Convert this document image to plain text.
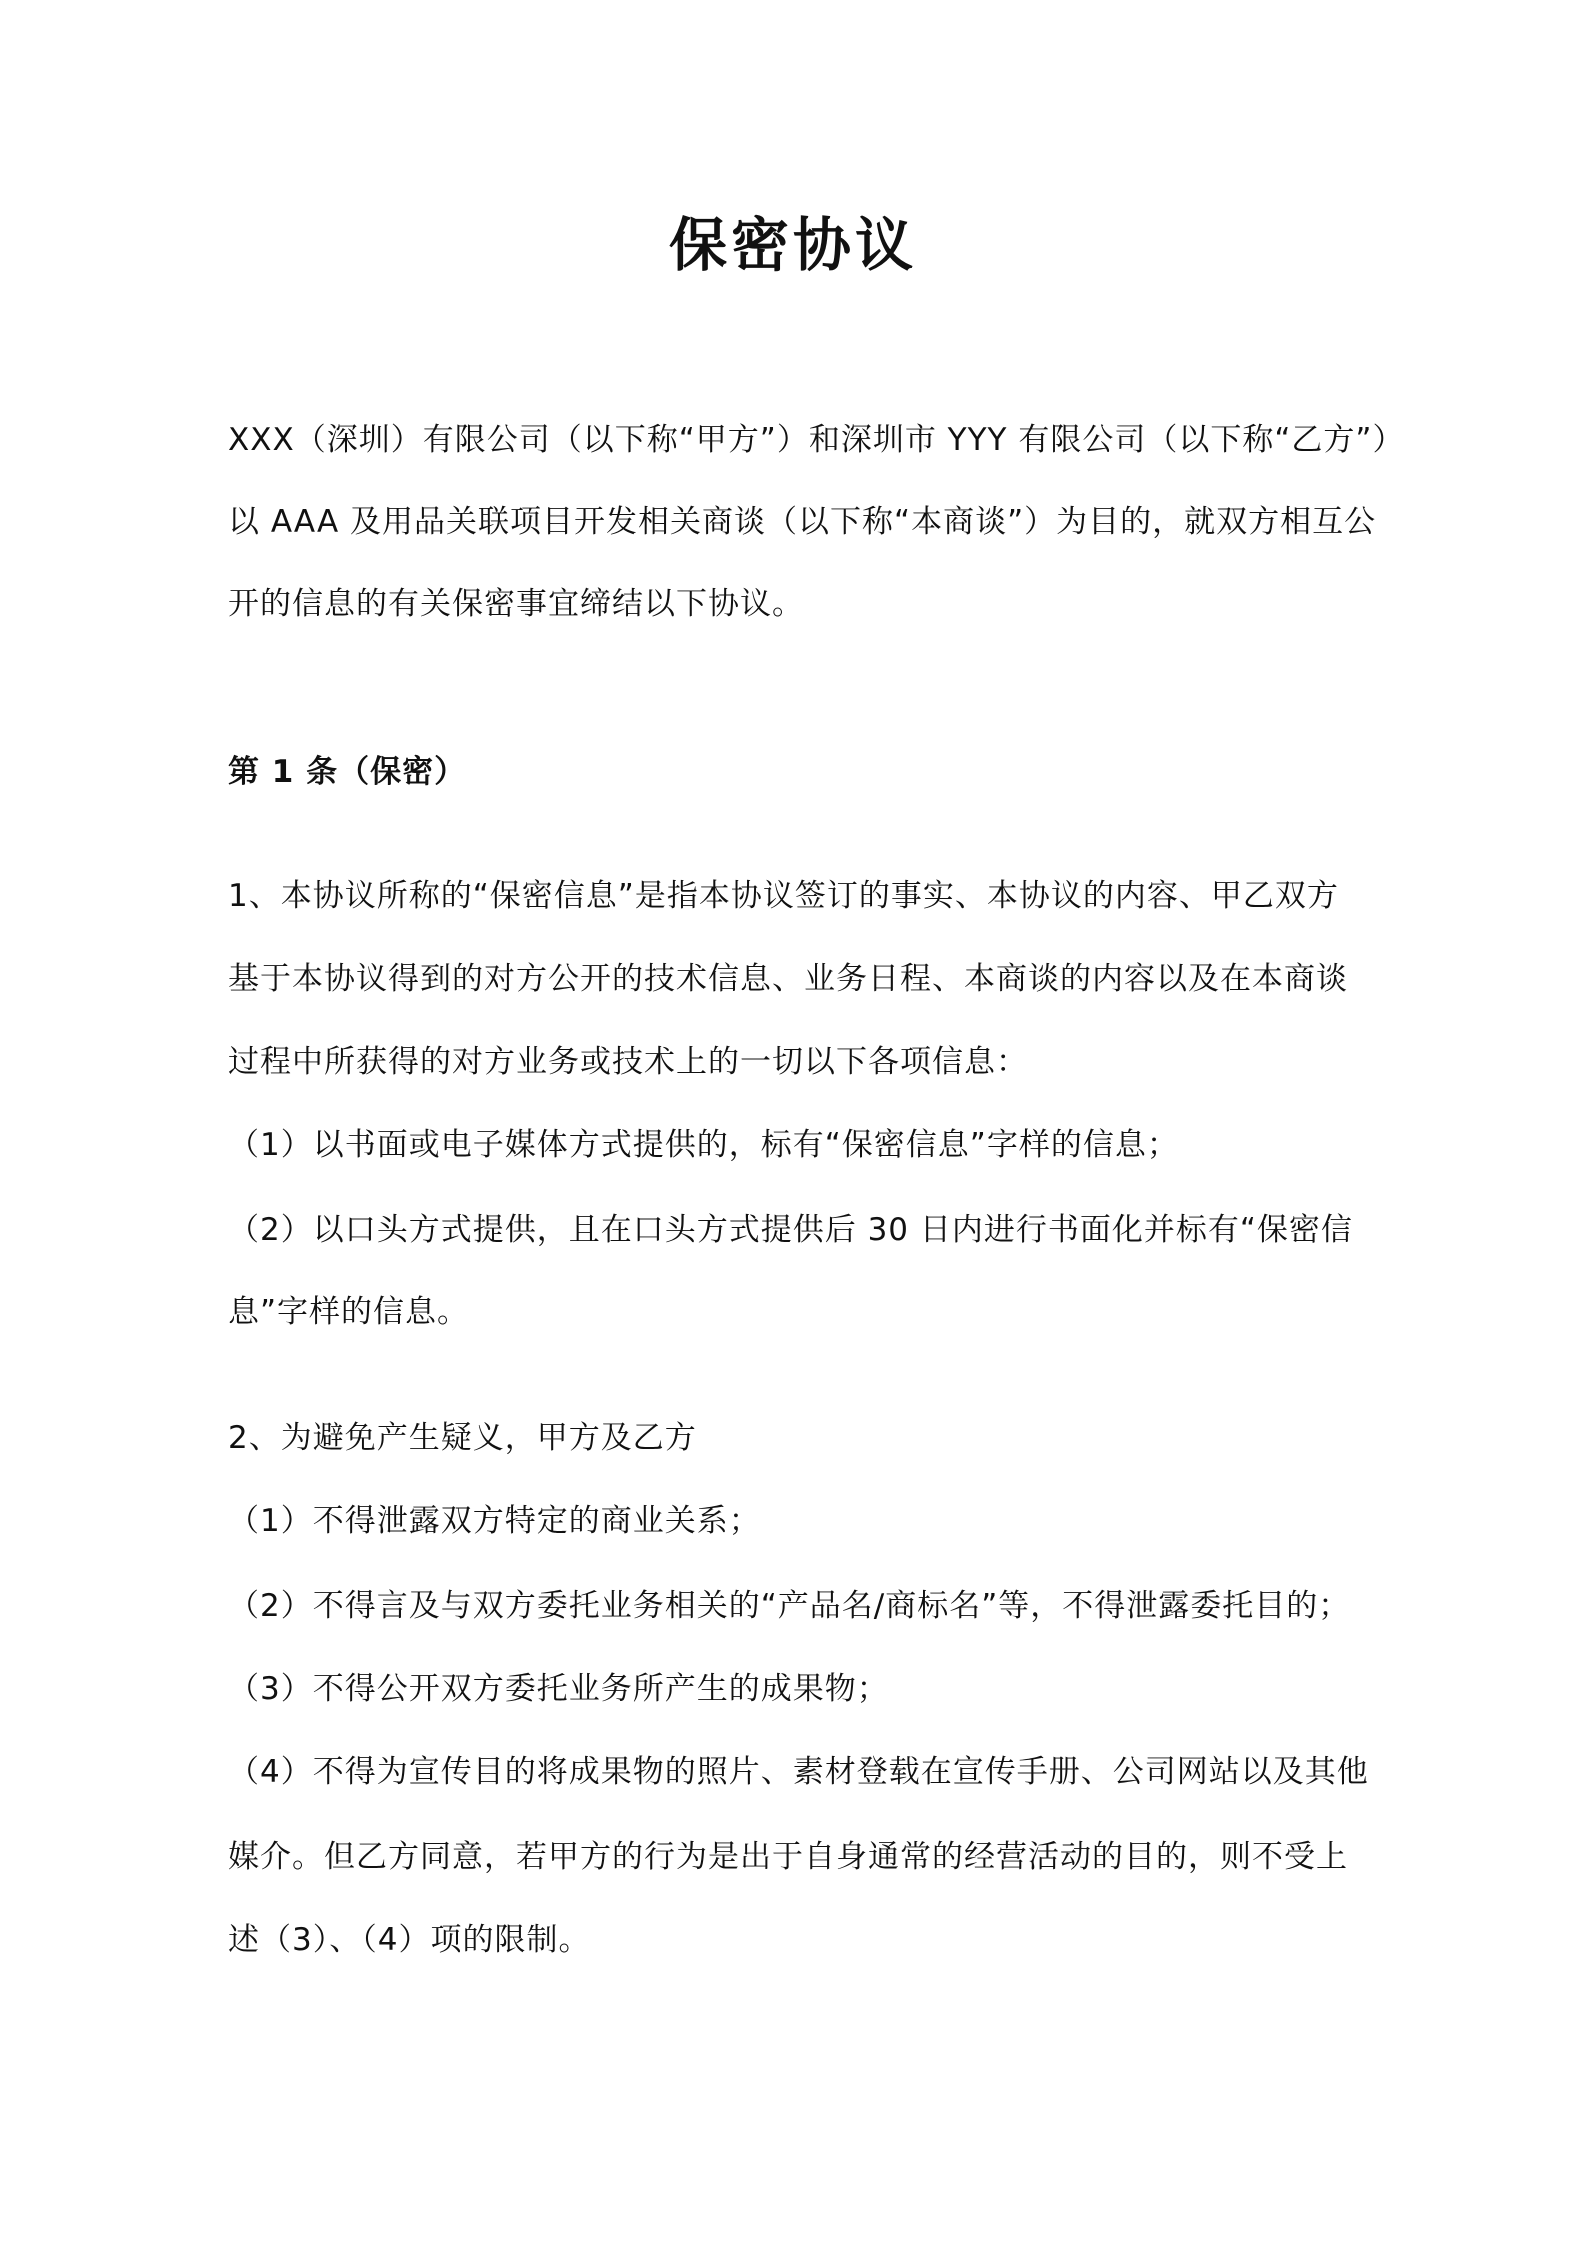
保密协议
XXX（深圳）有限公司（以下称“甲方”）和深圳市 YYY 有限公司（以下称“乙方”）
以 AAA 及用品关联项目开发相关商谈（以下称“本商谈”）为目的，就双方相互公
开的信息的有关保密事宜缔结以下协议。
第 1 条（保密）
1、本协议所称的“保密信息”是指本协议签订的事实、本协议的内容、甲乙双方
基于本协议得到的对方公开的技术信息、业务日程、本商谈的内容以及在本商谈
过程中所获得的对方业务或技术上的一切以下各项信息：
（1）以书面或电子媒体方式提供的，标有“保密信息”字样的信息；
（2）以口头方式提供，且在口头方式提供后 30 日内进行书面化并标有“保密信
息”字样的信息。
2、为避免产生疑义，甲方及乙方
（1）不得泄露双方特定的商业关系；
（2）不得言及与双方委托业务相关的“产品名/商标名”等，不得泄露委托目的；
（3）不得公开双方委托业务所产生的成果物；
（4）不得为宣传目的将成果物的照片、素材登载在宣传手册、公司网站以及其他
媒介。但乙方同意，若甲方的行为是出于自身通常的经营活动的目的，则不受上
述（3）、（4）项的限制。
